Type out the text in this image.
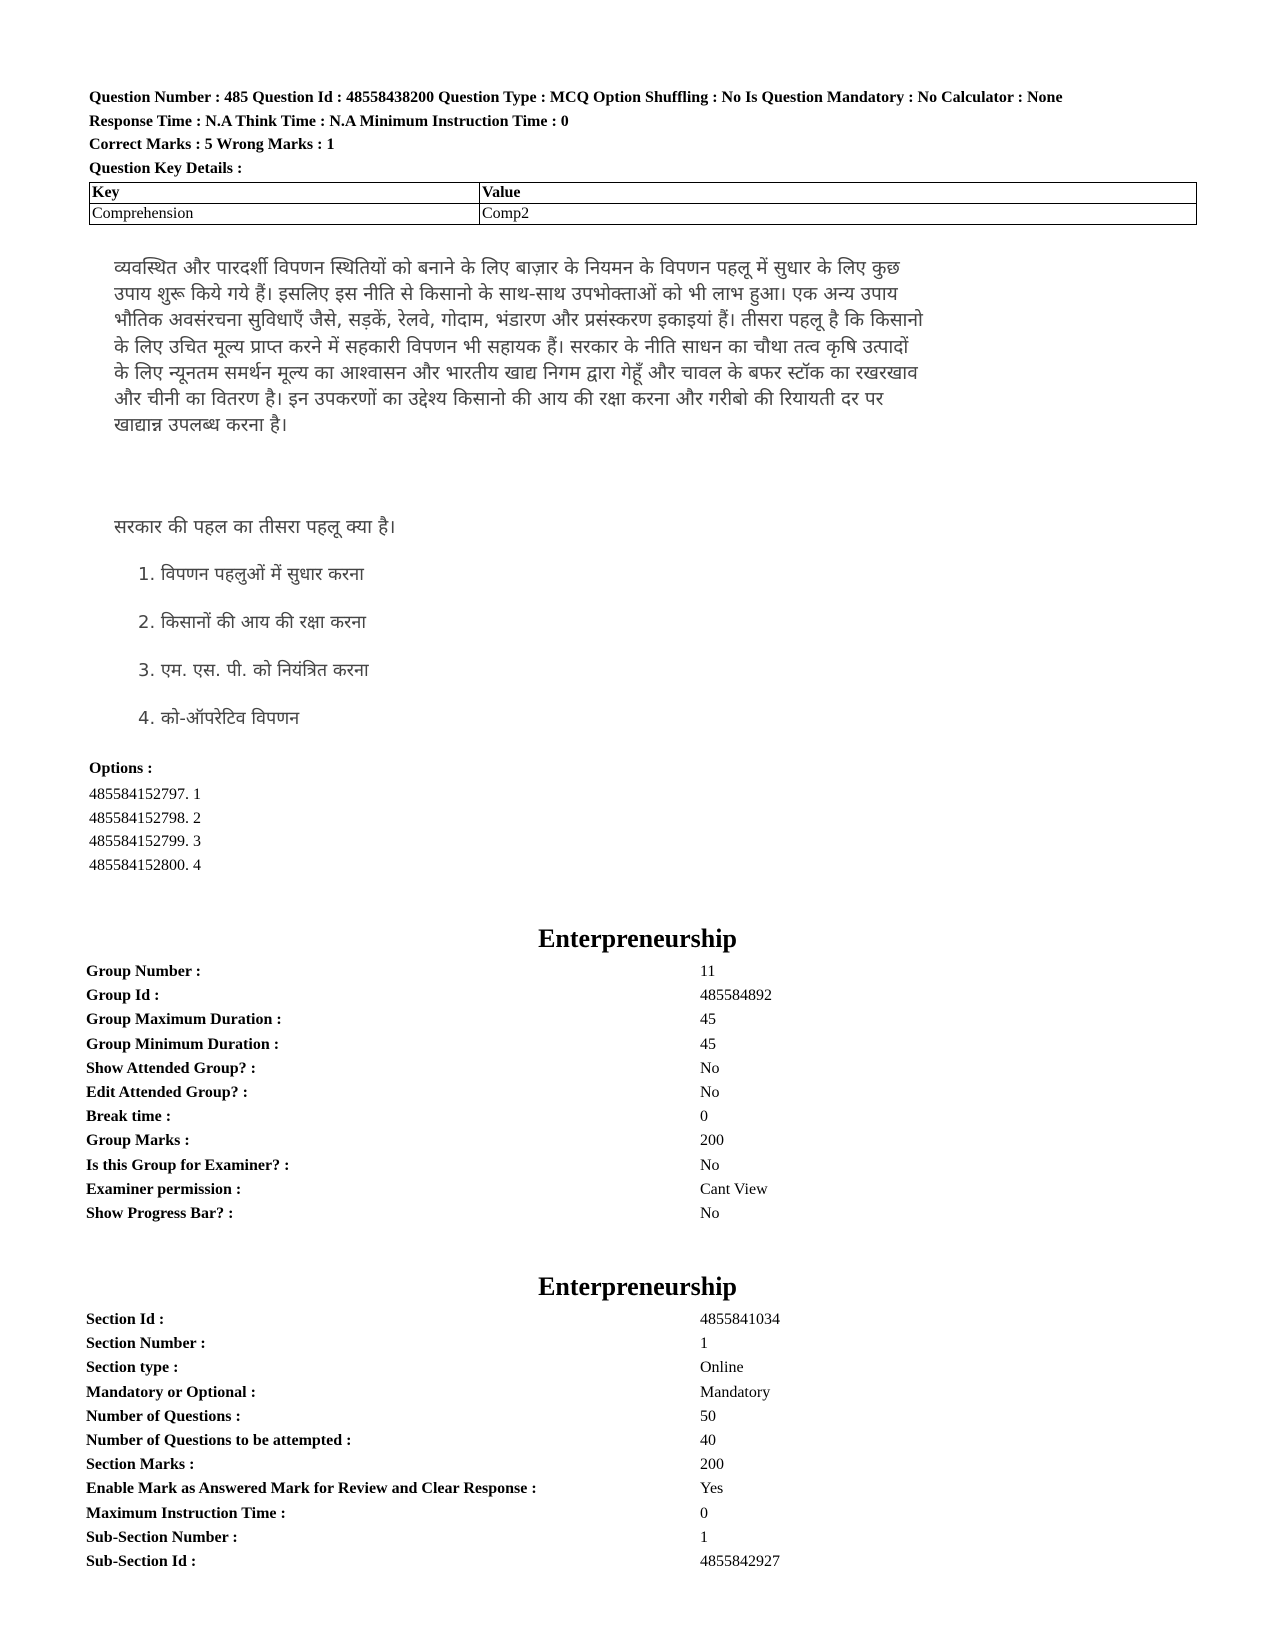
Question Number : 485 Question Id : 48558438200 Question Type : MCQ Option Shuffling : No Is Question Mandatory : No Calculator : None
Response Time : N.A Think Time : N.A Minimum Instruction Time : 0
Correct Marks : 5 Wrong Marks : 1
Question Key Details :
Key	Value
Comprehension	Comp2
व्यवस्थित और पारदर्शी विपणन स्थितियों को बनाने के लिए बाज़ार के नियमन के विपणन पहलू में सुधार के लिए कुछ
उपाय शुरू किये गये हैं। इसलिए इस नीति से किसानो के साथ-साथ उपभोक्ताओं को भी लाभ हुआ। एक अन्य उपाय
भौतिक अवसंरचना सुविधाएँ जैसे, सड़कें, रेलवे, गोदाम, भंडारण और प्रसंस्करण इकाइयां हैं। तीसरा पहलू है कि किसानो
के लिए उचित मूल्य प्राप्त करने में सहकारी विपणन भी सहायक हैं। सरकार के नीति साधन का चौथा तत्व कृषि उत्पादों
के लिए न्यूनतम समर्थन मूल्य का आश्वासन और भारतीय खाद्य निगम द्वारा गेहूँ और चावल के बफर स्टॉक का रखरखाव
और चीनी का वितरण है। इन उपकरणों का उद्देश्य किसानो की आय की रक्षा करना और गरीबो की रियायती दर पर
खाद्यान्न उपलब्ध करना है।
सरकार की पहल का तीसरा पहलू क्या है।
1. विपणन पहलुओं में सुधार करना
2. किसानों की आय की रक्षा करना
3. एम. एस. पी. को नियंत्रित करना
4. को-ऑपरेटिव विपणन
Options :
485584152797. 1
485584152798. 2
485584152799. 3
485584152800. 4
Enterpreneurship
Group Number :	11
Group Id :	485584892
Group Maximum Duration :	45
Group Minimum Duration :	45
Show Attended Group? :	No
Edit Attended Group? :	No
Break time :	0
Group Marks :	200
Is this Group for Examiner? :	No
Examiner permission :	Cant View
Show Progress Bar? :	No
Enterpreneurship
Section Id :	4855841034
Section Number :	1
Section type :	Online
Mandatory or Optional :	Mandatory
Number of Questions :	50
Number of Questions to be attempted :	40
Section Marks :	200
Enable Mark as Answered Mark for Review and Clear Response :	Yes
Maximum Instruction Time :	0
Sub-Section Number :	1
Sub-Section Id :	4855842927
